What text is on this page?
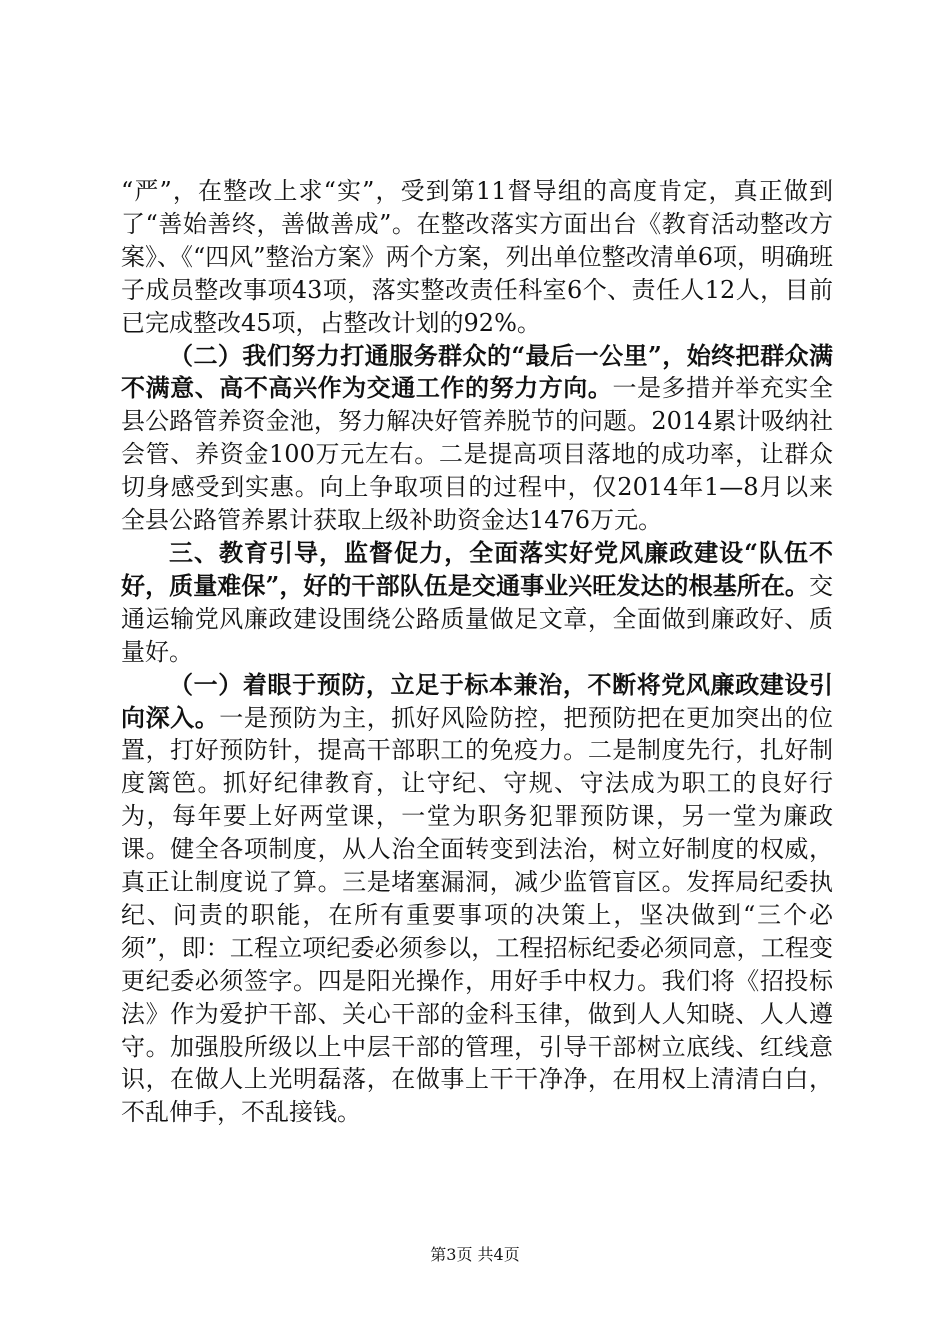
“严”，在整改上求“实”，受到第11督导组的高度肯定，真正做到了“善始善终，善做善成”。在整改落实方面出台《教育活动整改方案》、《“四风”整治方案》两个方案，列出单位整改清单6项，明确班子成员整改事项43项，落实整改责任科室6个、责任人12人，目前已完成整改45项，占整改计划的92%。

（二）我们努力打通服务群众的“最后一公里”，始终把群众满不满意、高不高兴作为交通工作的努力方向。一是多措并举充实全县公路管养资金池，努力解决好管养脱节的问题。2014累计吸纳社会管、养资金100万元左右。二是提高项目落地的成功率，让群众切身感受到实惠。向上争取项目的过程中，仅2014年1—8月以来全县公路管养累计获取上级补助资金达1476万元。

三、教育引导，监督促力，全面落实好党风廉政建设“队伍不好，质量难保”，好的干部队伍是交通事业兴旺发达的根基所在。交通运输党风廉政建设围绕公路质量做足文章，全面做到廉政好、质量好。

（一）着眼于预防，立足于标本兼治，不断将党风廉政建设引向深入。一是预防为主，抓好风险防控，把预防把在更加突出的位置，打好预防针，提高干部职工的免疫力。二是制度先行，扎好制度篱笆。抓好纪律教育，让守纪、守规、守法成为职工的良好行为，每年要上好两堂课，一堂为职务犯罪预防课，另一堂为廉政课。健全各项制度，从人治全面转变到法治，树立好制度的权威，真正让制度说了算。三是堵塞漏洞，减少监管盲区。发挥局纪委执纪、问责的职能，在所有重要事项的决策上，坚决做到“三个必须”，即：工程立项纪委必须参以，工程招标纪委必须同意，工程变更纪委必须签字。四是阳光操作，用好手中权力。我们将《招投标法》作为爱护干部、关心干部的金科玉律，做到人人知晓、人人遵守。加强股所级以上中层干部的管理，引导干部树立底线、红线意识，在做人上光明磊落，在做事上干干净净，在用权上清清白白，不乱伸手，不乱接钱。

第3页 共4页
